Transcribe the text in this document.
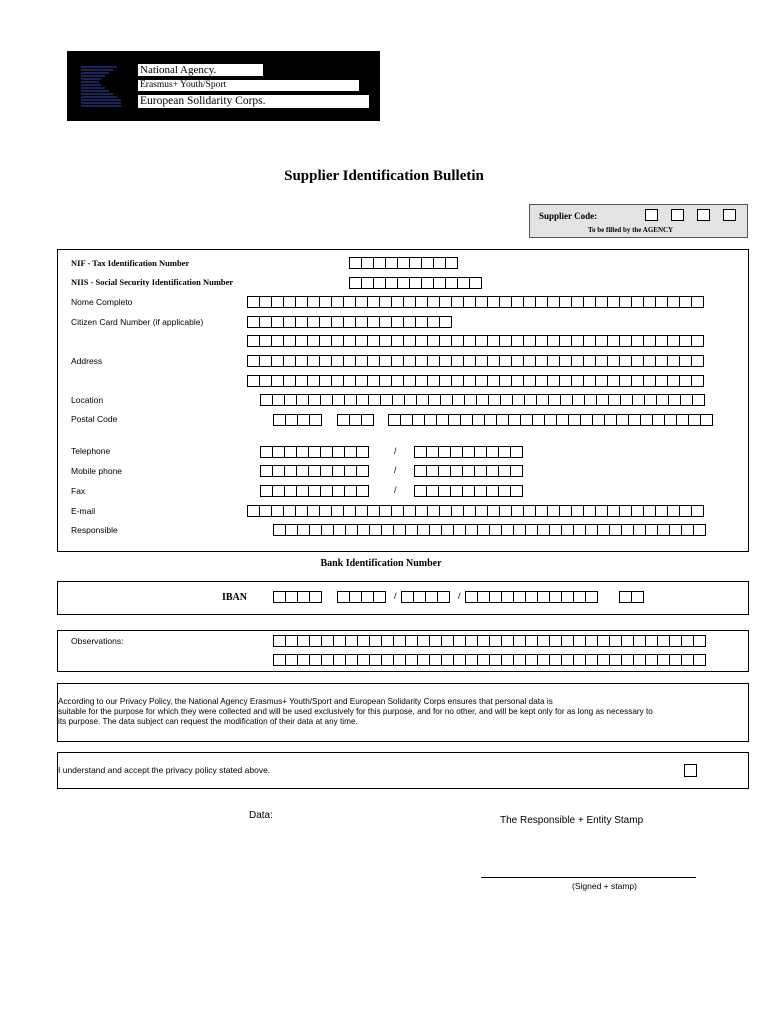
National Agency.
Erasmus+ Youth/Sport
European Solidarity Corps.
Supplier Identification Bulletin
Supplier Code:
To be filled by the AGENCY
NIF - Tax Identification Number
NIIS - Social Security Identification Number
Nome Completo
Citizen Card Number (if applicable)
Address
Location
Postal Code
Telephone	/
Mobile phone	/
Fax	/
E-mail
Responsible
Bank Identification Number
IBAN	/	/
Observations:
According to our Privacy Policy, the National Agency Erasmus+ Youth/Sport and European Solidarity Corps ensures that personal data is
suitable for the purpose for which they were collected and will be used exclusively for this purpose, and for no other, and will be kept only for as long as necessary to
its purpose. The data subject can request the modification of their data at any time.
I understand and accept the privacy policy stated above.
Data:	The Responsible + Entity Stamp
(Signed + stamp)
